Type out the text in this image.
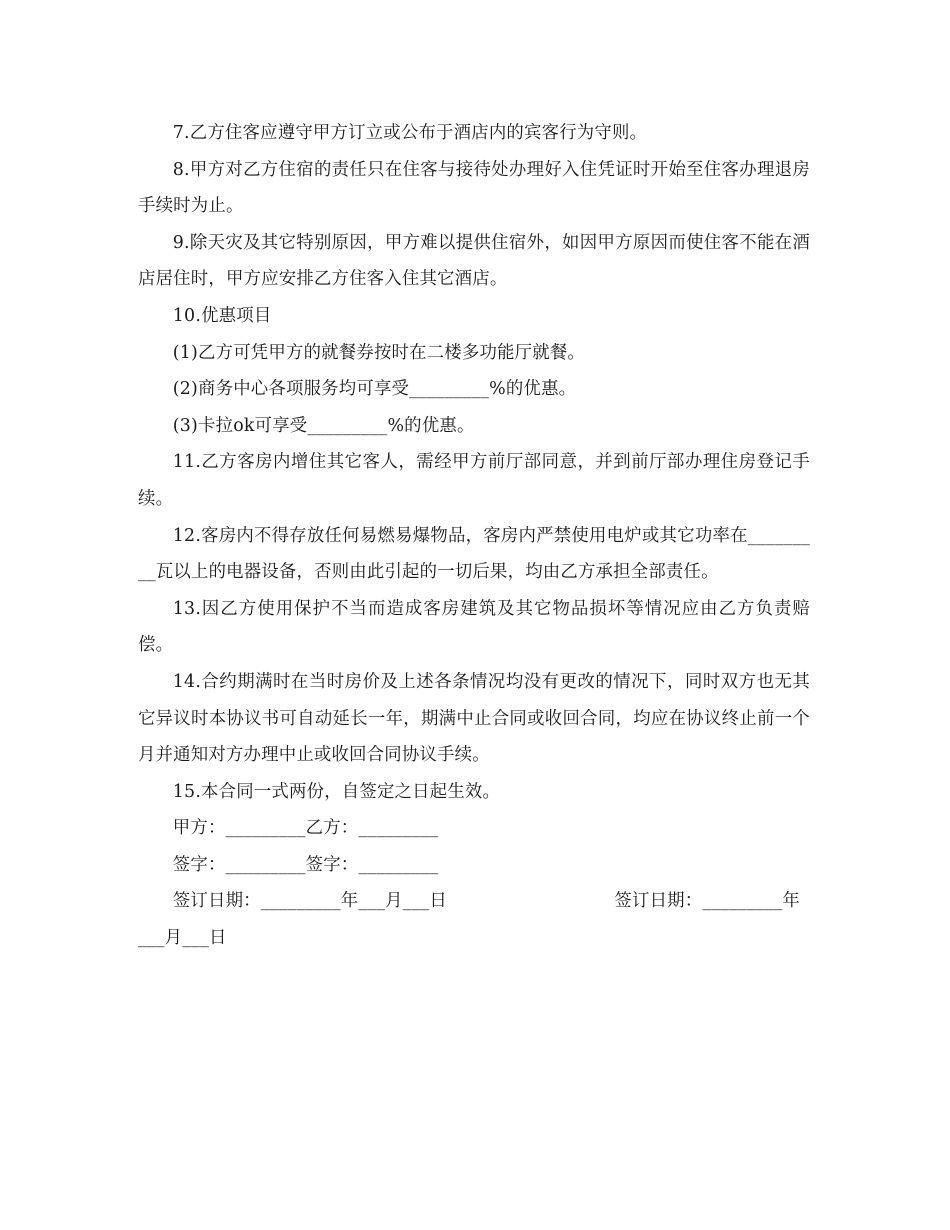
7.乙方住客应遵守甲方订立或公布于酒店内的宾客行为守则。

8.甲方对乙方住宿的责任只在住客与接待处办理好入住凭证时开始至住客办理退房手续时为止。

9.除天灾及其它特别原因，甲方难以提供住宿外，如因甲方原因而使住客不能在酒店居住时，甲方应安排乙方住客入住其它酒店。

10.优惠项目

(1)乙方可凭甲方的就餐券按时在二楼多功能厅就餐。

(2)商务中心各项服务均可享受_________%的优惠。

(3)卡拉ok可享受_________%的优惠。

11.乙方客房内增住其它客人，需经甲方前厅部同意，并到前厅部办理住房登记手续。

12.客房内不得存放任何易燃易爆物品，客房内严禁使用电炉或其它功率在_________瓦以上的电器设备，否则由此引起的一切后果，均由乙方承担全部责任。

13.因乙方使用保护不当而造成客房建筑及其它物品损坏等情况应由乙方负责赔偿。

14.合约期满时在当时房价及上述各条情况均没有更改的情况下，同时双方也无其它异议时本协议书可自动延长一年，期满中止合同或收回合同，均应在协议终止前一个月并通知对方办理中止或收回合同协议手续。

15.本合同一式两份，自签定之日起生效。

甲方：_________乙方：_________

签字：_________签字：_________

签订日期：_________年___月___日	签订日期：_________年

___月___日
